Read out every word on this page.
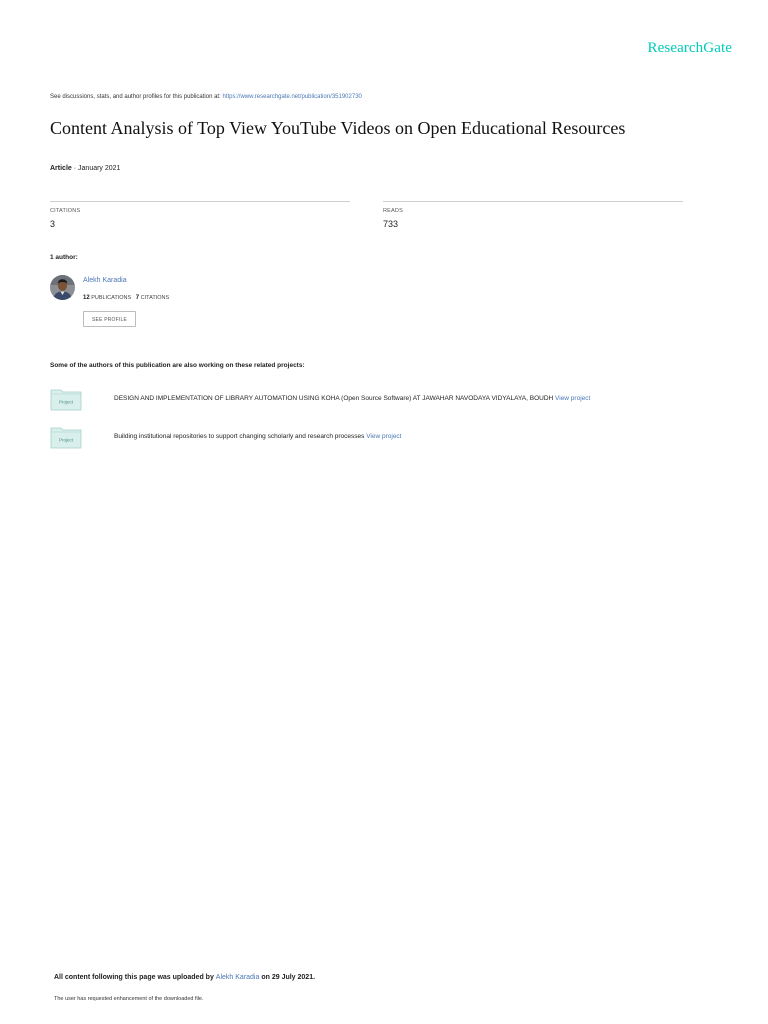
ResearchGate
See discussions, stats, and author profiles for this publication at: https://www.researchgate.net/publication/351902730
Content Analysis of Top View YouTube Videos on Open Educational Resources
Article · January 2021
CITATIONS
3
READS
733
1 author:
Alekh Karadia
12 PUBLICATIONS 7 CITATIONS
SEE PROFILE
Some of the authors of this publication are also working on these related projects:
Project	DESIGN AND IMPLEMENTATION OF LIBRARY AUTOMATION USING KOHA (Open Source Software) AT JAWAHAR NAVODAYA VIDYALAYA, BOUDH View project
Project	Building institutional repositories to support changing scholarly and research processes View project
All content following this page was uploaded by Alekh Karadia on 29 July 2021.
The user has requested enhancement of the downloaded file.
